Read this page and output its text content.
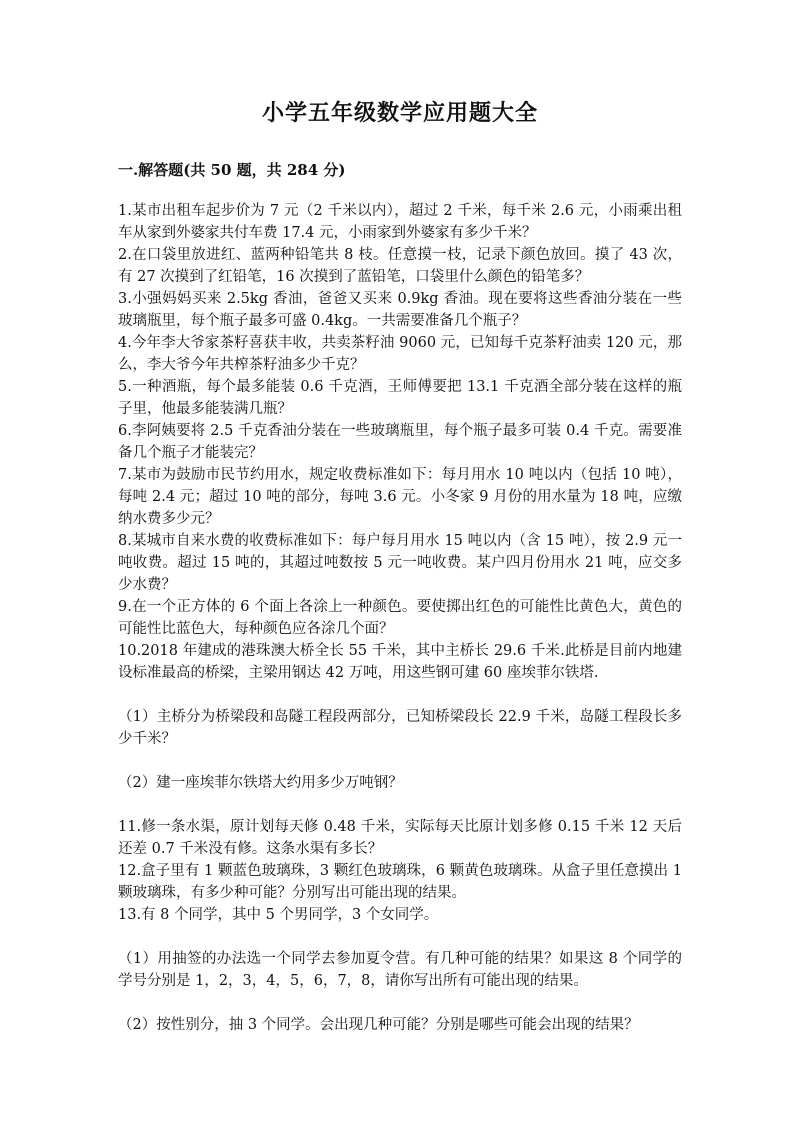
小学五年级数学应用题大全
一.解答题(共 50 题，共 284 分)

1.某市出租车起步价为 7 元（2 千米以内），超过 2 千米，每千米 2.6 元，小雨乘出租车从家到外婆家共付车费 17.4 元，小雨家到外婆家有多少千米？

2.在口袋里放进红、蓝两种铅笔共 8 枝。任意摸一枝，记录下颜色放回。摸了 43 次，有 27 次摸到了红铅笔，16 次摸到了蓝铅笔，口袋里什么颜色的铅笔多？

3.小强妈妈买来 2.5kg 香油，爸爸又买来 0.9kg 香油。现在要将这些香油分装在一些玻璃瓶里，每个瓶子最多可盛 0.4kg。一共需要准备几个瓶子？

4.今年李大爷家茶籽喜获丰收，共卖茶籽油 9060 元，已知每千克茶籽油卖 120 元，那么，李大爷今年共榨茶籽油多少千克？

5.一种酒瓶，每个最多能装 0.6 千克酒，王师傅要把 13.1 千克酒全部分装在这样的瓶子里，他最多能装满几瓶？

6.李阿姨要将 2.5 千克香油分装在一些玻璃瓶里，每个瓶子最多可装 0.4 千克。需要准备几个瓶子才能装完？

7.某市为鼓励市民节约用水，规定收费标准如下：每月用水 10 吨以内（包括 10 吨），每吨 2.4 元；超过 10 吨的部分，每吨 3.6 元。小冬家 9 月份的用水量为 18 吨，应缴纳水费多少元？

8.某城市自来水费的收费标准如下：每户每月用水 15 吨以内（含 15 吨），按 2.9 元一吨收费。超过 15 吨的，其超过吨数按 5 元一吨收费。某户四月份用水 21 吨，应交多少水费？

9.在一个正方体的 6 个面上各涂上一种颜色。要使掷出红色的可能性比黄色大，黄色的可能性比蓝色大，每种颜色应各涂几个面？

10.2018 年建成的港珠澳大桥全长 55 千米，其中主桥长 29.6 千米.此桥是目前内地建设标准最高的桥梁，主梁用钢达 42 万吨，用这些钢可建 60 座埃菲尔铁塔.

（1）主桥分为桥梁段和岛隧工程段两部分，已知桥梁段长 22.9 千米，岛隧工程段长多少千米？

（2）建一座埃菲尔铁塔大约用多少万吨钢？

11.修一条水渠，原计划每天修 0.48 千米，实际每天比原计划多修 0.15 千米 12 天后还差 0.7 千米没有修。这条水渠有多长？

12.盒子里有 1 颗蓝色玻璃珠，3 颗红色玻璃珠，6 颗黄色玻璃珠。从盒子里任意摸出 1 颗玻璃珠，有多少种可能？分别写出可能出现的结果。

13.有 8 个同学，其中 5 个男同学，3 个女同学。

（1）用抽签的办法选一个同学去参加夏令营。有几种可能的结果？如果这 8 个同学的学号分别是 1，2，3，4，5，6，7，8，请你写出所有可能出现的结果。

（2）按性别分，抽 3 个同学。会出现几种可能？分别是哪些可能会出现的结果？
